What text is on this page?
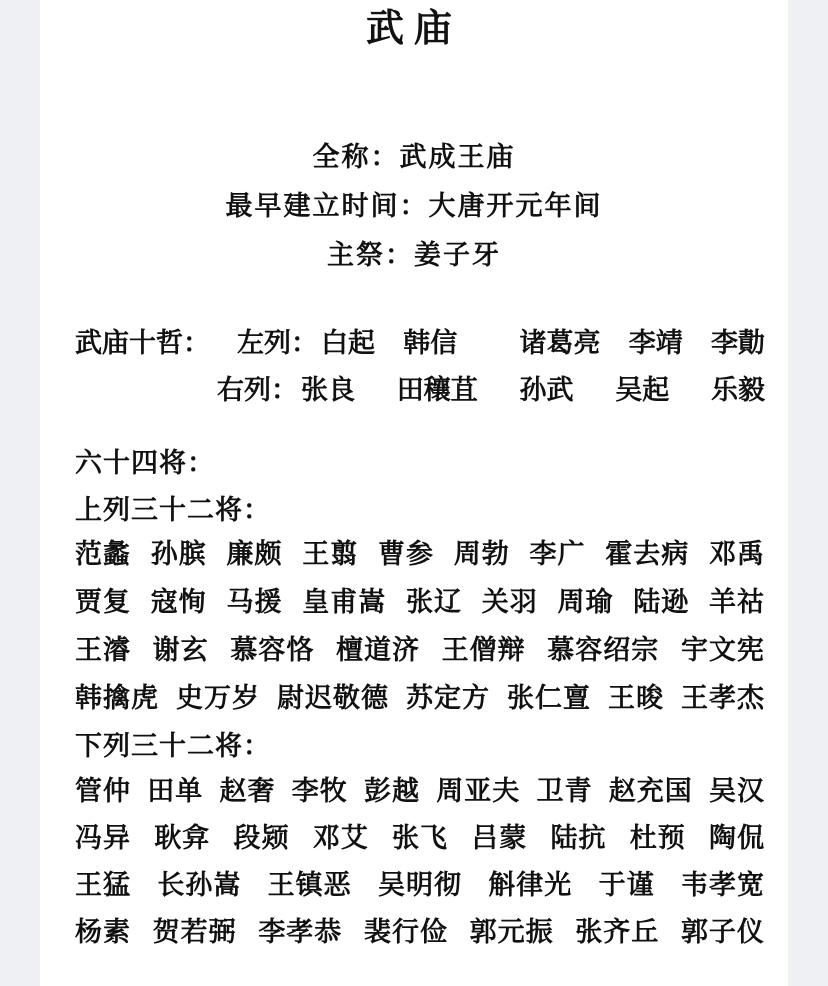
武庙
全称：武成王庙
最早建立时间：大唐开元年间
主祭：姜子牙
武庙十哲： 左列： 白起 韩信 诸葛亮 李靖 李勣
右列： 张良 田穰苴 孙武 吴起 乐毅
六十四将：
上列三十二将：
范蠡 孙膑 廉颇 王翦 曹参 周勃 李广 霍去病 邓禹
贾复 寇恂 马援 皇甫嵩 张辽 关羽 周瑜 陆逊 羊祜
王濬 谢玄 慕容恪 檀道济 王僧辩 慕容绍宗 宇文宪
韩擒虎 史万岁 尉迟敬德 苏定方 张仁亶 王晙 王孝杰
下列三十二将：
管仲 田单 赵奢 李牧 彭越 周亚夫 卫青 赵充国 吴汉
冯异 耿弇 段颎 邓艾 张飞 吕蒙 陆抗 杜预 陶侃
王猛 长孙嵩 王镇恶 吴明彻 斛律光 于谨 韦孝宽
杨素 贺若弼 李孝恭 裴行俭 郭元振 张齐丘 郭子仪
